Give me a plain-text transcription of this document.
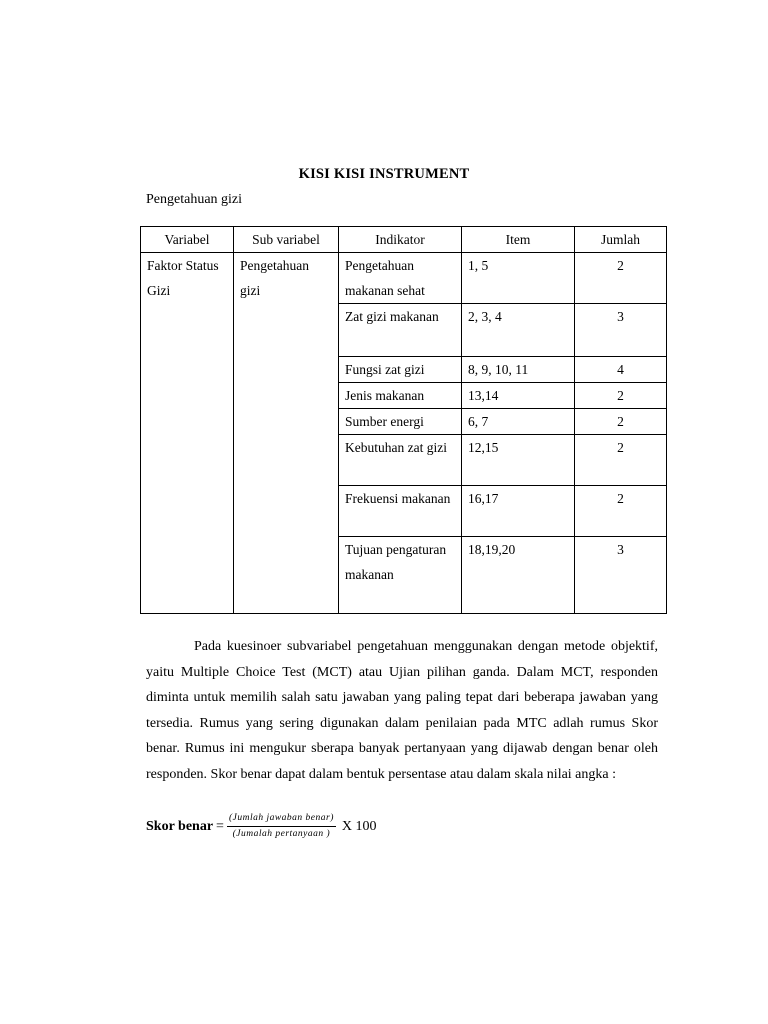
KISI KISI INSTRUMENT
Pengetahuan gizi
Variabel	Sub variabel	Indikator	Item	Jumlah
Faktor Status Gizi	Pengetahuan gizi	Pengetahuan makanan sehat	1, 5	2
		Zat gizi makanan	2, 3, 4	3
		Fungsi zat gizi	8, 9, 10, 11	4
		Jenis makanan	13,14	2
		Sumber energi	6, 7	2
		Kebutuhan zat gizi	12,15	2
		Frekuensi makanan	16,17	2
		Tujuan pengaturan makanan	18,19,20	3

Pada kuesinoer subvariabel pengetahuan menggunakan dengan metode objektif, yaitu Multiple Choice Test (MCT) atau Ujian pilihan ganda. Dalam MCT, responden diminta untuk memilih salah satu jawaban yang paling tepat dari beberapa jawaban yang tersedia. Rumus yang sering digunakan dalam penilaian pada MTC adlah rumus Skor benar. Rumus ini mengukur sberapa banyak pertanyaan yang dijawab dengan benar oleh responden. Skor benar dapat dalam bentuk persentase atau dalam skala nilai angka :

Skor benar = $\frac{\text{(Jumlah jawaban benar)}}{\text{(Jumalah pertanyaan )}}$ X 100
